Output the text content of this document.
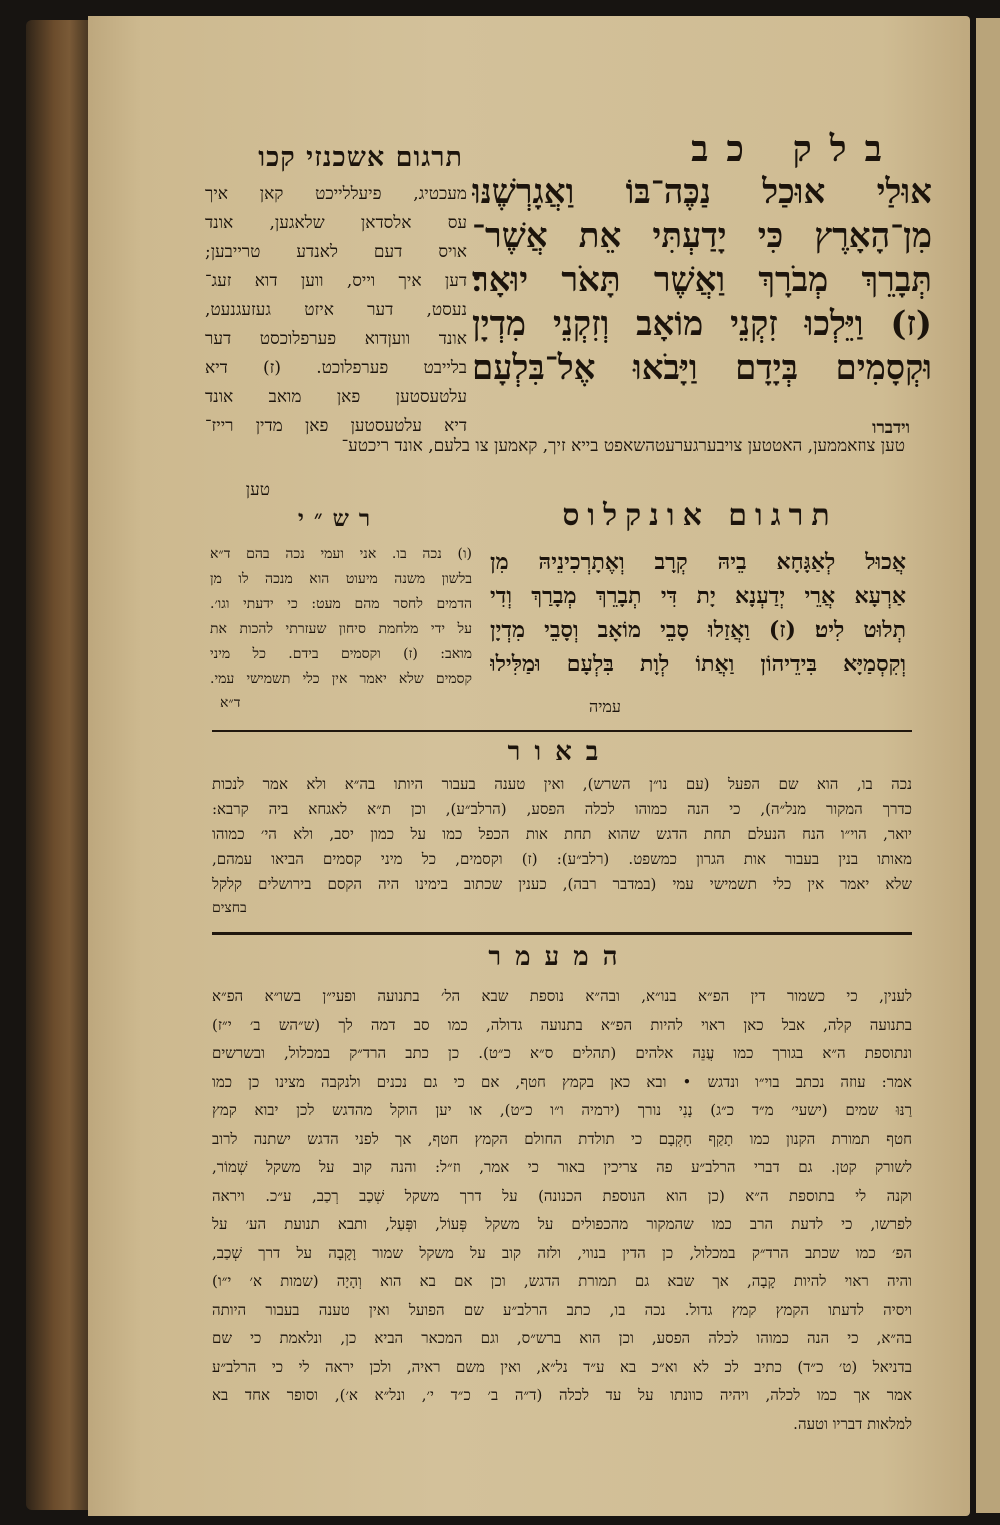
תרגום אשכנזי קכו	בלק כב

אוּלַי אוּכַל נַכֶּה־בּוֹ וַאֲגָרְשֶׁנּוּ

מִן־הָאָרֶץ כִּי יָדַעְתִּי אֵת אֲשֶׁר־

תְּבָרֵךְ מְבֹרָךְ וַאֲשֶׁר תָּאֹר יוּאָר׃

(ז) וַיֵּלְכוּ זִקְנֵי מוֹאָב וְזִקְנֵי מִדְיָן

וּקְסָמִים בְּיָדָם וַיָּבֹאוּ אֶל־בִּלְעָם

וידברו

מעכטיג, פיעללייכט קאן איך

עס אלסדאן שלאגען, אונד

אויס דעם לאנדע טרייבען;

דען איך וייס, ווען דוא זעג־

נעסט, דער איזט געזעגנעט,

אונד וועןדוא פערפלוכסט דער

בלייבט פערפלוכט. (ז) דיא

עלטעסטען פאן מואב אונד

דיא עלטעסטען פאן מדין רייז־

טען צוזאממען, האטטען צויבערגערעטהשאפט בייא זיך, קאמען צו בלעם, אונד ריכטע־
טען
תרגום אונקלוס

אֲכוּל לְאַגָּחָא בֵיהּ קְרָב וְאֶתָרְכִינֵיהּ מִן

אַרְעָא אֲרֵי יְדַעְנָא יָת דִּי תְבָרֵךְ מְבָרַךְ וְדִי

תְלוּט לִיט׃ (ז) וַאֲזַלוּ סָבֵי מוֹאָב וְסָבֵי מִדְיָן

וְקִסְמַיָּא בִּידֵיהוֹן וַאֲתוֹ לְוָת בִּלְעָם וּמַלִּילוּ

עמיה
רש״י

(ו) נכה בו. אני ועמי נכה בהם ד״א

בלשון משנה מיעוט הוא מנכה לו מן

הדמים לחסר מהם מעט: כי ידעתי וגו׳.

על ידי מלחמת סיחון שעזרתי להכות את

מואב: (ז) וקסמים בידם. כל מיני

קסמים שלא יאמר אין כלי תשמישי עמי.

ד״א
באור

נכה בו, הוא שם הפעל (עם נו״ן השרש), ואין טענה בעבור היותו בה״א ולא אמר לנכות

כדרך המקור מנל״ה), כי הנה כמוהו לכלה הפסע, (הרלב״ע), וכן ת״א לאגחא ביה קרבא:

יואר, הוי״ו הנח הנעלם תחת הדגש שהוא תחת אות הכפל כמו על כמון יסב, ולא הי׳ כמוהו

מאותו בנין בעבור אות הגרון כמשפט. (רלב״ע): (ז) וקסמים, כל מיני קסמים הביאו עמהם,

שלא יאמר אין כלי תשמישי עמי (במדבר רבה), כענין שכתוב בימינו היה הקסם בירושלים קלקל

בחצים
המעמר

לענין, כי כשמור דין הפ״א בנו״א, ובה״א נוספת שבא הל׳ בתנועה ופעי״ן בשו״א הפ״א

בתנועה קלה, אבל כאן ראוי להיות הפ״א בתנועה גדולה, כמו סב דמה לך (ש״הש ב׳ י״ז)

ונתוספת ה״א בגורך כמו עֲנֵה אלהים (תהלים ס״א כ״ט). כן כתב הרד״ק במכלול, ובשרשים

אמר: עוזה נכתב בוי״ו ונדגש • ובא כאן בקמץ חטף, אם כי גם נכנים ולנקבה מצינו כן כמו

רַנּוּ שמים (ישעי׳ מ״ד כ״ג) נָנִי נורך (ירמיה ו״ו כ״ט), או יען הוקל מהדגש לכן יבוא קמץ

חטף תמורת הקנון כמו תָקַף חָקְבָם כי תולדת החולם הקמץ חטף, אך לפני הדגש ישתנה לרוב

לשורק קטן. גם דברי הרלב״ע פה צריכין באור כי אמר, וז״ל: והנה קוב על משקל שְׁמוֹר,

וקנה לי בתוספת ה״א (כן הוא הנוספת הכנונה) על דרך משקל שְׁכַב רְכַב, ע״כ. ויראה

לפרשו, כי לדעת הרב כמו שהמקור מהכפולים על משקל פְּעוֹל, ופְּעַל, ותבא תנועת הע׳ על

הפ׳ כמו שכתב הרד״ק במכלול, כן הדין בנווי, ולזה קוב על משקל שמור וָקָבָה על דרך שְׁכַב,

והיה ראוי להיות קָבָה, אך שבא גם תמורת הדגש, וכן אם בא הוא וְהָיָה (שמות א׳ י״ו)

ויסיה לדעתו הקמץ קמץ גדול. נכה בו, כתב הרלב״ע שם הפועל ואין טענה בעבור היותה

בה״א, כי הנה כמוהו לכלה הפסע, וכן הוא ברש״ס, וגם המכאר הביא כן, ונלאמת כי שם

בדניאל (ט׳ כ״ד) כתיב לכ לא וא״כ בא ע״ד נל״א, ואין משם ראיה, ולכן יראה לי כי הרלב״ע

אמר אך כמו לכלה, ויהיה כוונתו על עד לכלה (ד״ה ב׳ כ״ד י׳, ונל״א א׳), וסופר אחד בא

למלאות דבריו וטעה.
